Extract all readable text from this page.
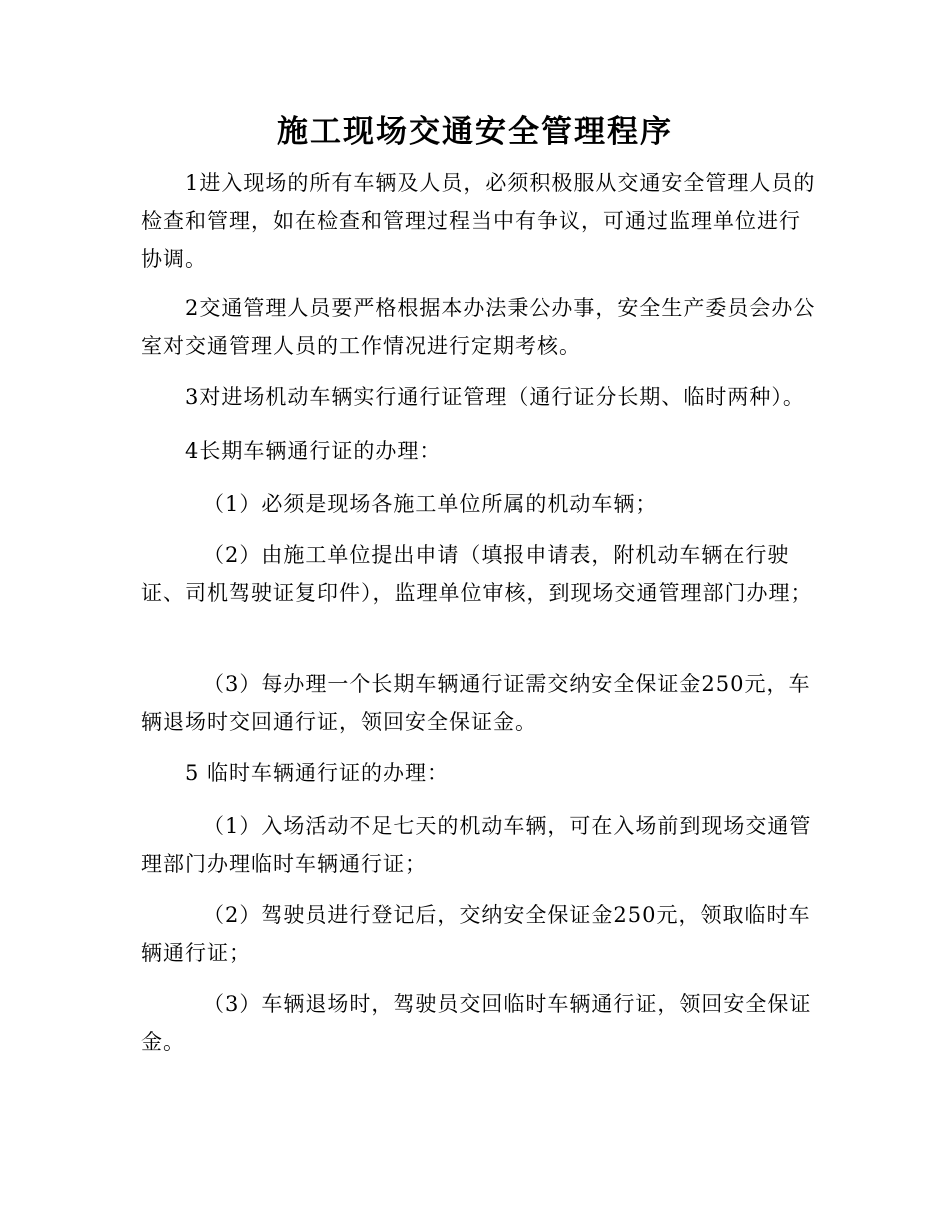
施工现场交通安全管理程序

1进入现场的所有车辆及人员，必须积极服从交通安全管理人员的检查和管理，如在检查和管理过程当中有争议，可通过监理单位进行协调。

2交通管理人员要严格根据本办法秉公办事，安全生产委员会办公室对交通管理人员的工作情况进行定期考核。

3对进场机动车辆实行通行证管理（通行证分长期、临时两种）。

4长期车辆通行证的办理：

（1）必须是现场各施工单位所属的机动车辆；

（2）由施工单位提出申请（填报申请表，附机动车辆在行驶证、司机驾驶证复印件），监理单位审核，到现场交通管理部门办理；

（3）每办理一个长期车辆通行证需交纳安全保证金250元，车辆退场时交回通行证，领回安全保证金。

5 临时车辆通行证的办理：

（1）入场活动不足七天的机动车辆，可在入场前到现场交通管理部门办理临时车辆通行证；

（2）驾驶员进行登记后，交纳安全保证金250元，领取临时车辆通行证；

（3）车辆退场时，驾驶员交回临时车辆通行证，领回安全保证金。
